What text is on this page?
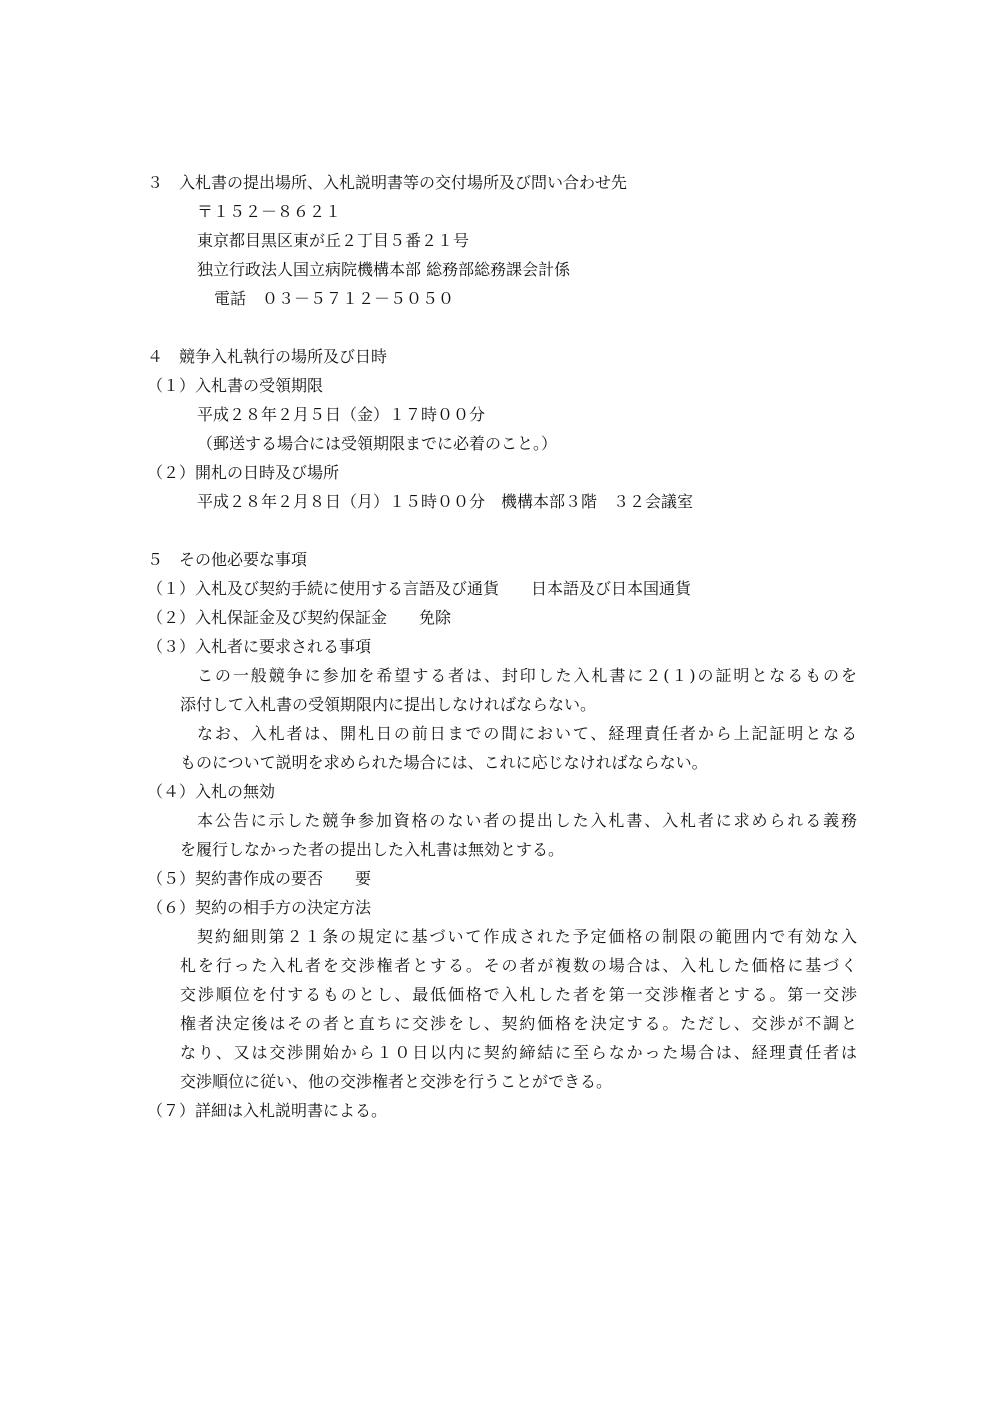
３　入札書の提出場所、入札説明書等の交付場所及び問い合わせ先
〒１５２－８６２１
東京都目黒区東が丘２丁目５番２１号
独立行政法人国立病院機構本部 総務部総務課会計係
電話　０３－５７１２－５０５０
４　競争入札執行の場所及び日時
（１）入札書の受領期限
平成２８年２月５日（金）１７時００分
（郵送する場合には受領期限までに必着のこと。）
（２）開札の日時及び場所
平成２８年２月８日（月）１５時００分　機構本部３階　３２会議室
５　その他必要な事項
（１）入札及び契約手続に使用する言語及び通貨　　日本語及び日本国通貨
（２）入札保証金及び契約保証金　　免除
（３）入札者に要求される事項
この一般競争に参加を希望する者は、封印した入札書に２(１)の証明となるものを
添付して入札書の受領期限内に提出しなければならない。
なお、入札者は、開札日の前日までの間において、経理責任者から上記証明となる
ものについて説明を求められた場合には、これに応じなければならない。
（４）入札の無効
本公告に示した競争参加資格のない者の提出した入札書、入札者に求められる義務
を履行しなかった者の提出した入札書は無効とする。
（５）契約書作成の要否　　要
（６）契約の相手方の決定方法
契約細則第２１条の規定に基づいて作成された予定価格の制限の範囲内で有効な入
札を行った入札者を交渉権者とする。その者が複数の場合は、入札した価格に基づく
交渉順位を付するものとし、最低価格で入札した者を第一交渉権者とする。第一交渉
権者決定後はその者と直ちに交渉をし、契約価格を決定する。ただし、交渉が不調と
なり、又は交渉開始から１０日以内に契約締結に至らなかった場合は、経理責任者は
交渉順位に従い、他の交渉権者と交渉を行うことができる。
（７）詳細は入札説明書による。
